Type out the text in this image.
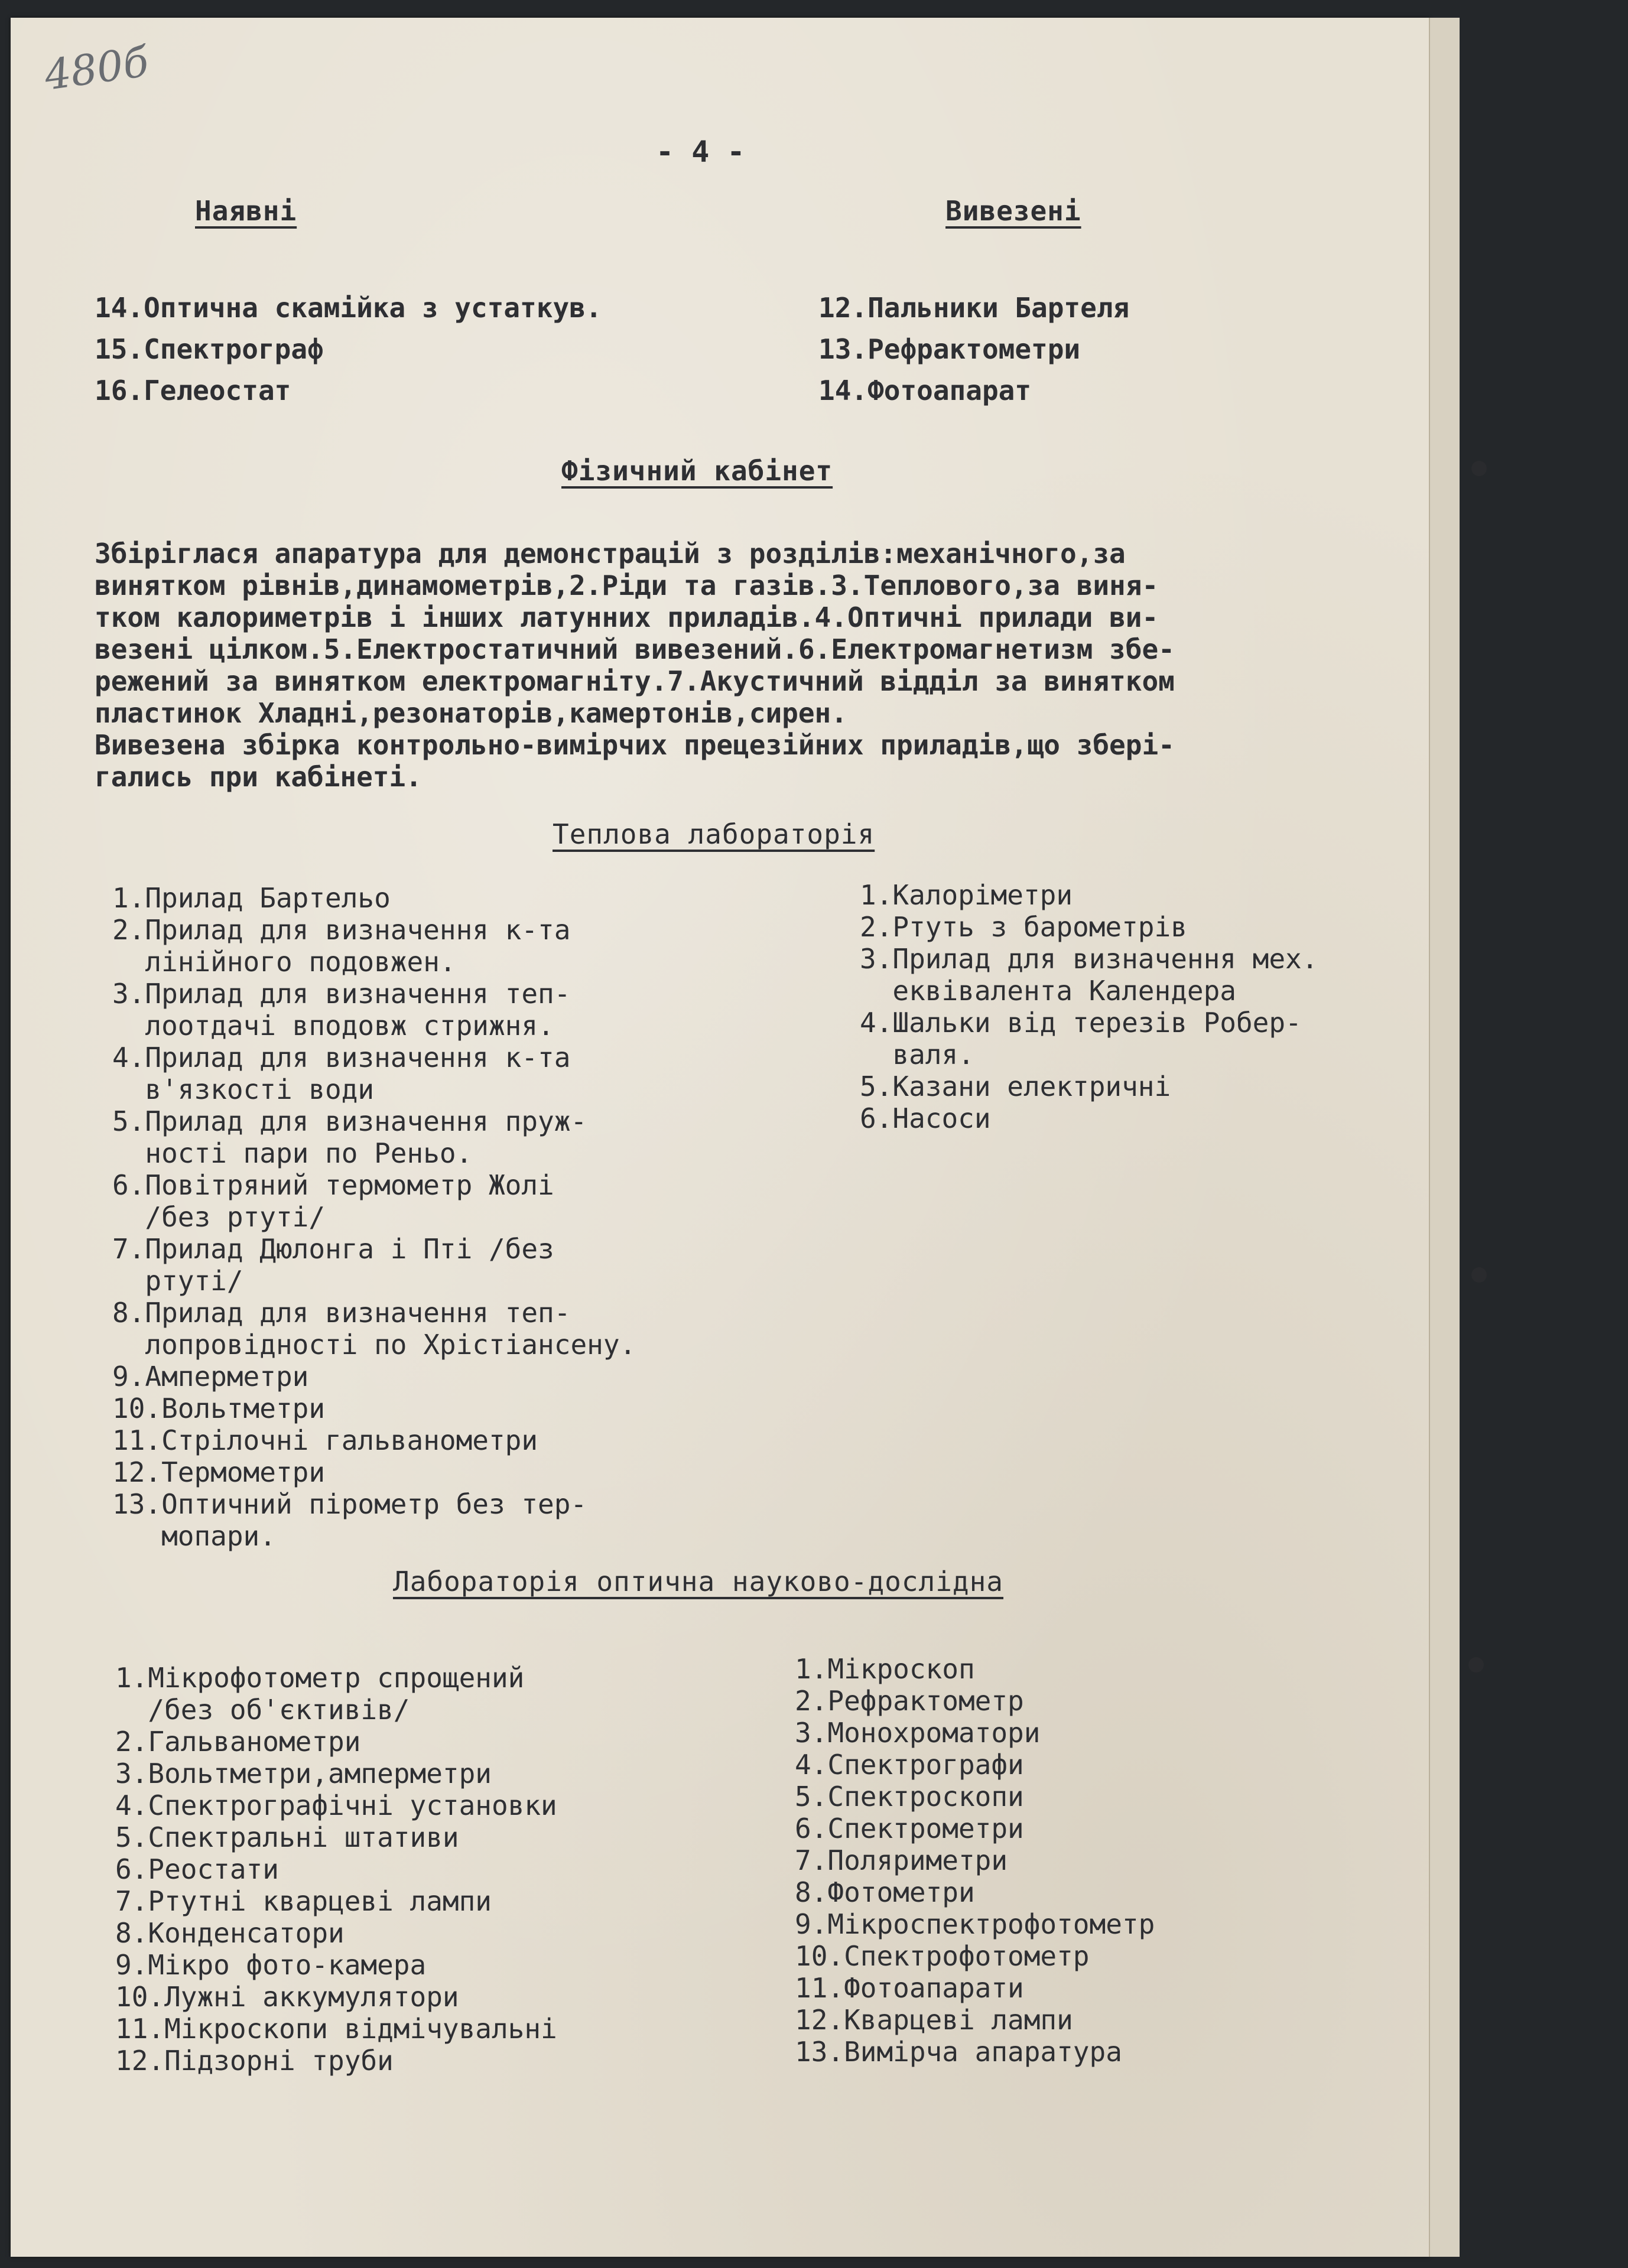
480б
- 4 -
Наявні	Вивезені
14.Оптична скамійка з устаткув.
15.Спектрограф
16.Гелеостат
12.Пальники Бартеля
13.Рефрактометри
14.Фотоапарат
Фізичний кабінет
Збіріглася апаратура для демонстрацій з розділів:механічного,за
винятком рівнів,динамометрів,2.Ріди та газів.3.Теплового,за виня-
тком калориметрів і інших латунних приладів.4.Оптичні прилади ви-
везені цілком.5.Електростатичний вивезений.6.Електромагнетизм збе-
режений за винятком електромагніту.7.Акустичний відділ за винятком
пластинок Хладні,резонаторів,камертонів,сирен.
Вивезена збірка контрольно-вимірчих прецезійних приладів,що зберi-
гались при кабінеті.
Теплова лабораторія
1.Прилад Бартельо
2.Прилад для визначення к-та
лінійного подовжен.
3.Прилад для визначення теп-
лоотдачі вподовж стрижня.
4.Прилад для визначення к-та
в'язкості води
5.Прилад для визначення пруж-
ності пари по Реньо.
6.Повітряний термометр Жолі
/без ртуті/
7.Прилад Дюлонга і Пті /без
ртуті/
8.Прилад для визначення теп-
лопровідності по Хрістіансену.
9.Амперметри
10.Вольтметри
11.Стрілочні гальванометри
12.Термометри
13.Оптичний пірометр без тер-
мопари.
1.Калоріметри
2.Ртуть з барометрів
3.Прилад для визначення мех.
еквівалента Календера
4.Шальки від терезів Робер-
валя.
5.Казани електричні
6.Насоси
Лабораторія оптична науково-дослідна
1.Мікрофотометр спрощений
/без об'єктивів/
2.Гальванометри
3.Вольтметри,амперметри
4.Спектрографічні установки
5.Спектральні штативи
6.Реостати
7.Ртутні кварцеві лампи
8.Конденсатори
9.Мікро фото-камера
10.Лужні аккумулятори
11.Мікроскопи відмічувальні
12.Підзорні труби
1.Мікроскоп
2.Рефрактометр
3.Монохроматори
4.Спектрографи
5.Спектроскопи
6.Спектрометри
7.Поляриметри
8.Фотометри
9.Мікроспектрофотометр
10.Спектрофотометр
11.Фотоапарати
12.Кварцеві лампи
13.Вимірча апаратура
